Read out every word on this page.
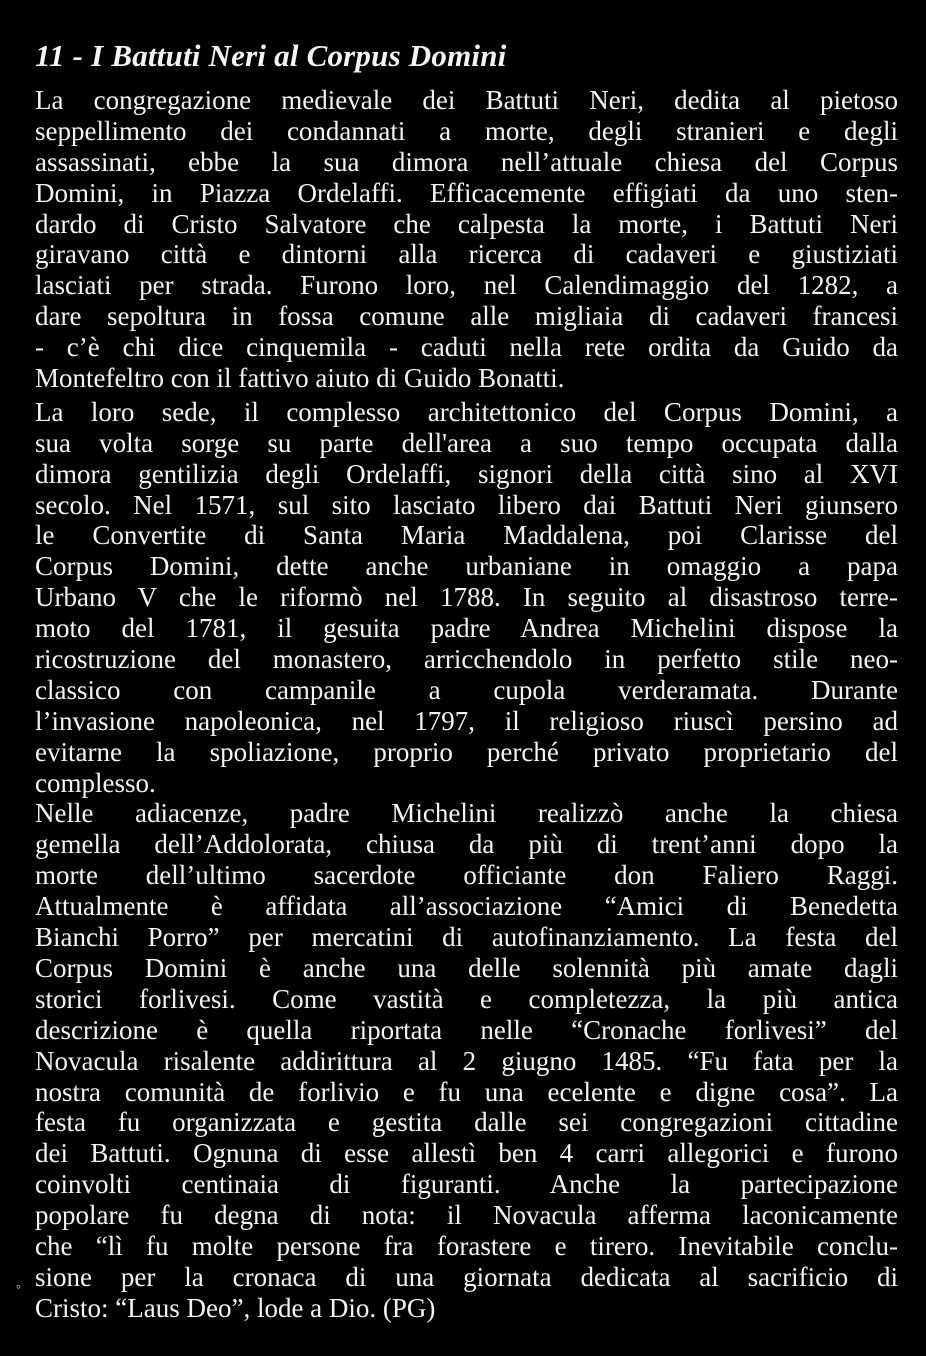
11 - I Battuti Neri al Corpus Domini
La congregazione medievale dei Battuti Neri, dedita al pietoso
seppellimento dei condannati a morte, degli stranieri e degli
assassinati, ebbe la sua dimora nell’attuale chiesa del Corpus
Domini, in Piazza Ordelaffi. Efficacemente effigiati da uno sten-
dardo di Cristo Salvatore che calpesta la morte, i Battuti Neri
giravano città e dintorni alla ricerca di cadaveri e giustiziati
lasciati per strada. Furono loro, nel Calendimaggio del 1282, a
dare sepoltura in fossa comune alle migliaia di cadaveri francesi
- c’è chi dice cinquemila - caduti nella rete ordita da Guido da
Montefeltro con il fattivo aiuto di Guido Bonatti.
La loro sede, il complesso architettonico del Corpus Domini, a
sua volta sorge su parte dell'area a suo tempo occupata dalla
dimora gentilizia degli Ordelaffi, signori della città sino al XVI
secolo. Nel 1571, sul sito lasciato libero dai Battuti Neri giunsero
le Convertite di Santa Maria Maddalena, poi Clarisse del
Corpus Domini, dette anche urbaniane in omaggio a papa
Urbano V che le riformò nel 1788. In seguito al disastroso terre-
moto del 1781, il gesuita padre Andrea Michelini dispose la
ricostruzione del monastero, arricchendolo in perfetto stile neo-
classico con campanile a cupola verderamata. Durante
l’invasione napoleonica, nel 1797, il religioso riuscì persino ad
evitarne la spoliazione, proprio perché privato proprietario del
complesso.
Nelle adiacenze, padre Michelini realizzò anche la chiesa
gemella dell’Addolorata, chiusa da più di trent’anni dopo la
morte dell’ultimo sacerdote officiante don Faliero Raggi.
Attualmente è affidata all’associazione “Amici di Benedetta
Bianchi Porro” per mercatini di autofinanziamento. La festa del
Corpus Domini è anche una delle solennità più amate dagli
storici forlivesi. Come vastità e completezza, la più antica
descrizione è quella riportata nelle “Cronache forlivesi” del
Novacula risalente addirittura al 2 giugno 1485. “Fu fata per la
nostra comunità de forlivio e fu una ecelente e digne cosa”. La
festa fu organizzata e gestita dalle sei congregazioni cittadine
dei Battuti. Ognuna di esse allestì ben 4 carri allegorici e furono
coinvolti centinaia di figuranti. Anche la partecipazione
popolare fu degna di nota: il Novacula afferma laconicamente
che “lì fu molte persone fra forastere e tirero. Inevitabile conclu-
sione per la cronaca di una giornata dedicata al sacrificio di
Cristo: “Laus Deo”, lode a Dio. (PG)
°
